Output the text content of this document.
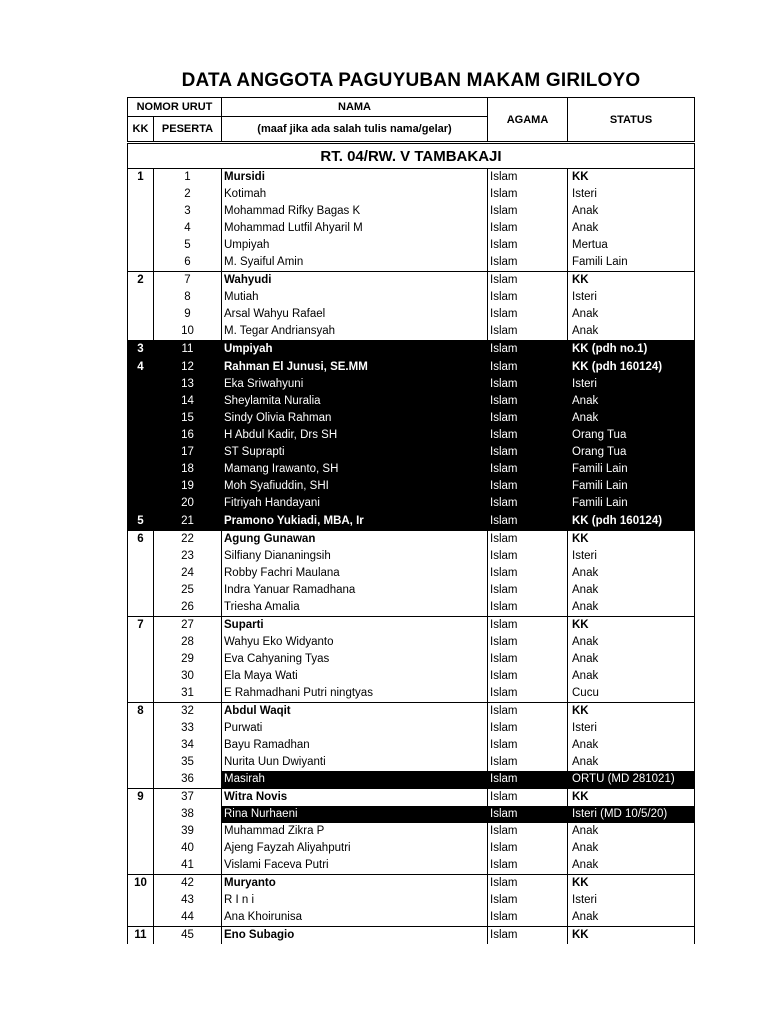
DATA ANGGOTA PAGUYUBAN MAKAM GIRILOYO
NOMOR URUT		NAMA	AGAMA	STATUS
KK	PESERTA	(maaf jika ada salah tulis nama/gelar)		
RT. 04/RW. V TAMBAKAJI				
1	1	Mursidi	Islam	KK
	2	Kotimah	Islam	Isteri
	3	Mohammad Rifky Bagas K	Islam	Anak
	4	Mohammad Lutfil Ahyaril M	Islam	Anak
	5	Umpiyah	Islam	Mertua
	6	M. Syaiful Amin	Islam	Famili Lain
2	7	Wahyudi	Islam	KK
	8	Mutiah	Islam	Isteri
	9	Arsal Wahyu Rafael	Islam	Anak
	10	M. Tegar Andriansyah	Islam	Anak
3	11	Umpiyah	Islam	KK (pdh no.1)
4	12	Rahman El Junusi, SE.MM	Islam	KK (pdh 160124)
	13	Eka Sriwahyuni	Islam	Isteri
	14	Sheylamita Nuralia	Islam	Anak
	15	Sindy Olivia Rahman	Islam	Anak
	16	H Abdul Kadir, Drs SH	Islam	Orang Tua
	17	ST Suprapti	Islam	Orang Tua
	18	Mamang Irawanto, SH	Islam	Famili Lain
	19	Moh Syafiuddin, SHI	Islam	Famili Lain
	20	Fitriyah Handayani	Islam	Famili Lain
5	21	Pramono Yukiadi, MBA, Ir	Islam	KK (pdh 160124)
6	22	Agung Gunawan	Islam	KK
	23	Silfiany Diananingsih	Islam	Isteri
	24	Robby Fachri Maulana	Islam	Anak
	25	Indra Yanuar Ramadhana	Islam	Anak
	26	Triesha Amalia	Islam	Anak
7	27	Suparti	Islam	KK
	28	Wahyu Eko Widyanto	Islam	Anak
	29	Eva Cahyaning Tyas	Islam	Anak
	30	Ela Maya Wati	Islam	Anak
	31	E Rahmadhani Putri ningtyas	Islam	Cucu
8	32	Abdul Waqit	Islam	KK
	33	Purwati	Islam	Isteri
	34	Bayu Ramadhan	Islam	Anak
	35	Nurita Uun Dwiyanti	Islam	Anak
	36	Masirah	Islam	ORTU (MD 281021)
9	37	Witra Novis	Islam	KK
	38	Rina Nurhaeni	Islam	Isteri (MD 10/5/20)
	39	Muhammad Zikra P	Islam	Anak
	40	Ajeng Fayzah Aliyahputri	Islam	Anak
	41	Vislami Faceva Putri	Islam	Anak
10	42	Muryanto	Islam	KK
	43	R I n i	Islam	Isteri
	44	Ana Khoirunisa	Islam	Anak
11	45	Eno Subagio	Islam	KK
